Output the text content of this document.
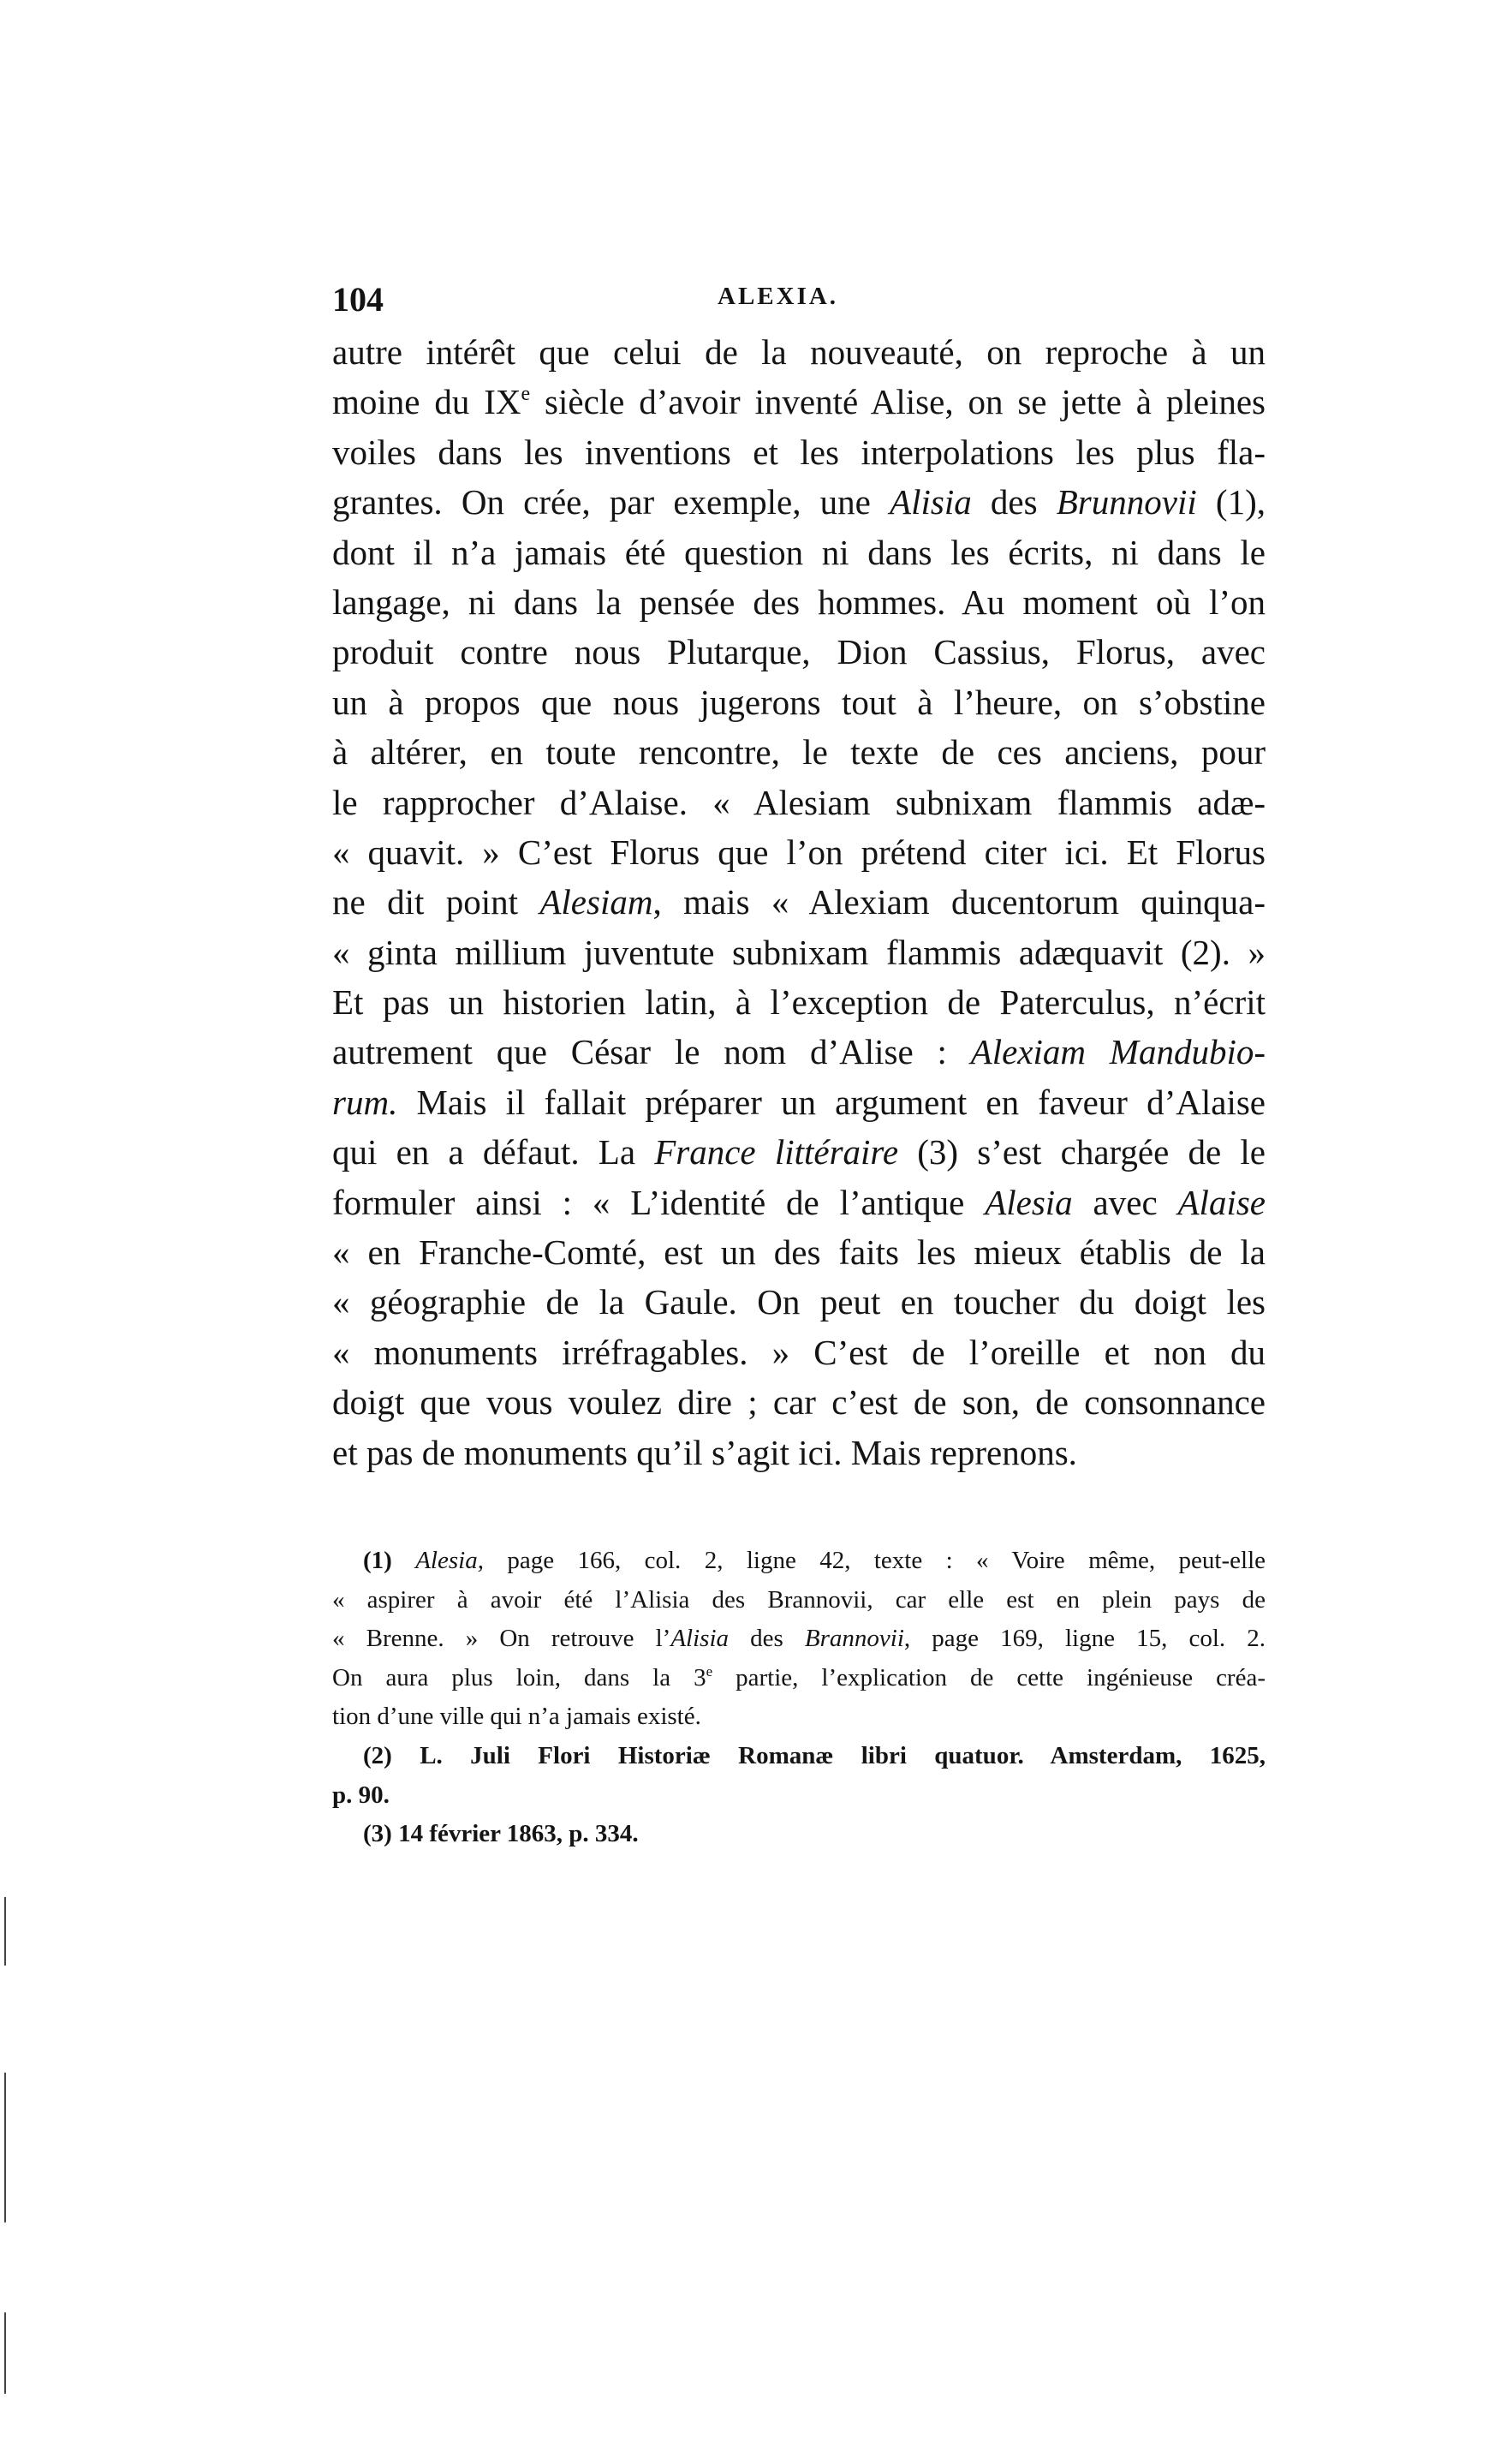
104	ALEXIA.
autre intérêt que celui de la nouveauté, on reproche à un
moine du IXe siècle d’avoir inventé Alise, on se jette à pleines
voiles dans les inventions et les interpolations les plus fla-
grantes. On crée, par exemple, une Alisia des Brunnovii (1),
dont il n’a jamais été question ni dans les écrits, ni dans le
langage, ni dans la pensée des hommes. Au moment où l’on
produit contre nous Plutarque, Dion Cassius, Florus, avec
un à propos que nous jugerons tout à l’heure, on s’obstine
à altérer, en toute rencontre, le texte de ces anciens, pour
le rapprocher d’Alaise. « Alesiam subnixam flammis adæ-
« quavit. » C’est Florus que l’on prétend citer ici. Et Florus
ne dit point Alesiam, mais « Alexiam ducentorum quinqua-
« ginta millium juventute subnixam flammis adæquavit (2). »
Et pas un historien latin, à l’exception de Paterculus, n’écrit
autrement que César le nom d’Alise : Alexiam Mandubio-
rum. Mais il fallait préparer un argument en faveur d’Alaise
qui en a défaut. La France littéraire (3) s’est chargée de le
formuler ainsi : « L’identité de l’antique Alesia avec Alaise
« en Franche-Comté, est un des faits les mieux établis de la
« géographie de la Gaule. On peut en toucher du doigt les
« monuments irréfragables. » C’est de l’oreille et non du
doigt que vous voulez dire ; car c’est de son, de consonnance
et pas de monuments qu’il s’agit ici. Mais reprenons.
(1) Alesia, page 166, col. 2, ligne 42, texte : « Voire même, peut-elle
« aspirer à avoir été l’Alisia des Brannovii, car elle est en plein pays de
« Brenne. » On retrouve l’Alisia des Brannovii, page 169, ligne 15, col. 2.
On aura plus loin, dans la 3e partie, l’explication de cette ingénieuse créa-
tion d’une ville qui n’a jamais existé.
(2) L. Juli Flori Historiæ Romanæ libri quatuor. Amsterdam, 1625,
p. 90.
(3) 14 février 1863, p. 334.
